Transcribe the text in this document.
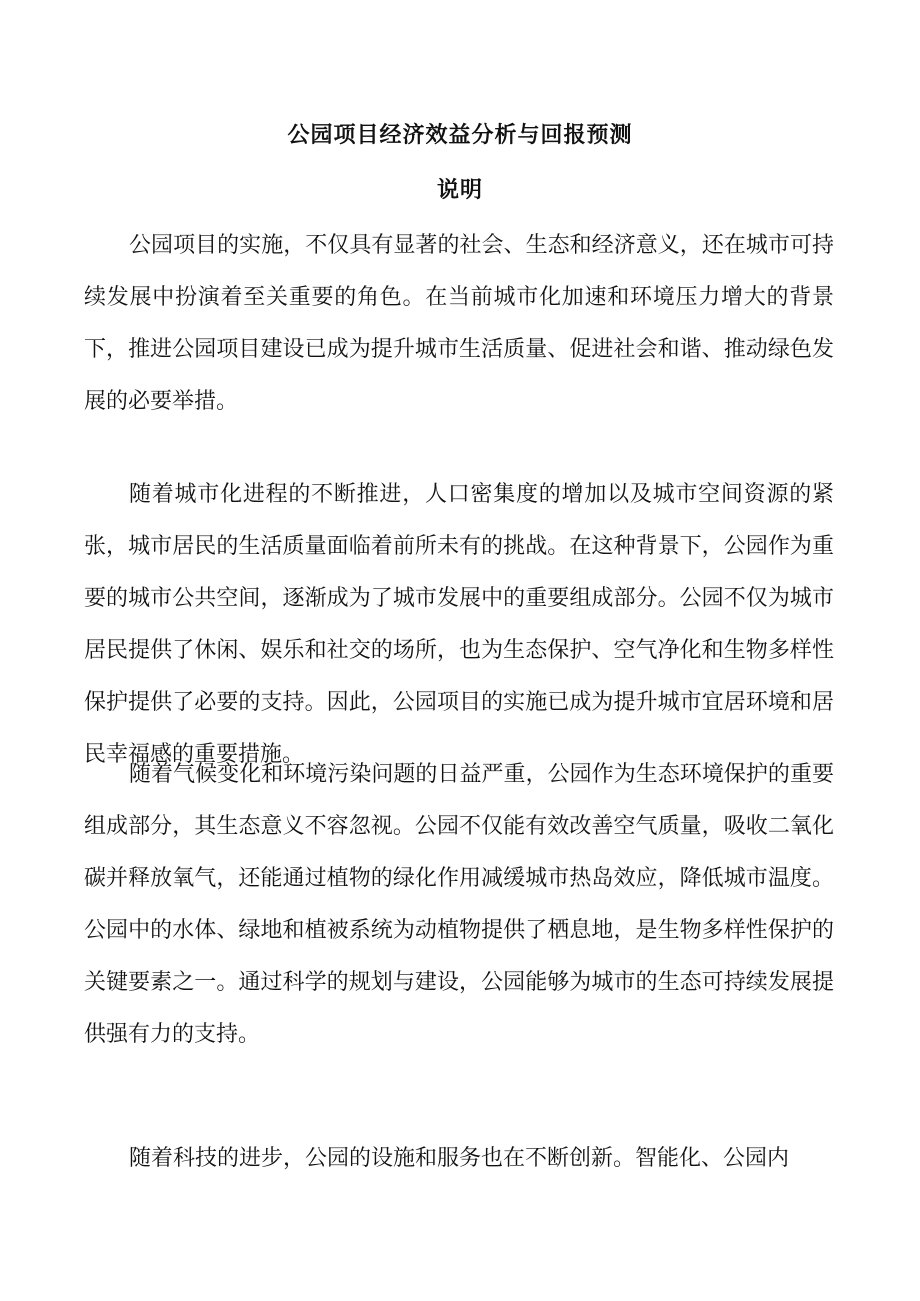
公园项目经济效益分析与回报预测
说明

公园项目的实施，不仅具有显著的社会、生态和经济意义，还在城市可持续发展中扮演着至关重要的角色。在当前城市化加速和环境压力增大的背景下，推进公园项目建设已成为提升城市生活质量、促进社会和谐、推动绿色发展的必要举措。

随着城市化进程的不断推进，人口密集度的增加以及城市空间资源的紧张，城市居民的生活质量面临着前所未有的挑战。在这种背景下，公园作为重要的城市公共空间，逐渐成为了城市发展中的重要组成部分。公园不仅为城市居民提供了休闲、娱乐和社交的场所，也为生态保护、空气净化和生物多样性保护提供了必要的支持。因此，公园项目的实施已成为提升城市宜居环境和居民幸福感的重要措施。

随着气候变化和环境污染问题的日益严重，公园作为生态环境保护的重要组成部分，其生态意义不容忽视。公园不仅能有效改善空气质量，吸收二氧化碳并释放氧气，还能通过植物的绿化作用减缓城市热岛效应，降低城市温度。公园中的水体、绿地和植被系统为动植物提供了栖息地，是生物多样性保护的关键要素之一。通过科学的规划与建设，公园能够为城市的生态可持续发展提供强有力的支持。

随着科技的进步，公园的设施和服务也在不断创新。智能化、公园内
